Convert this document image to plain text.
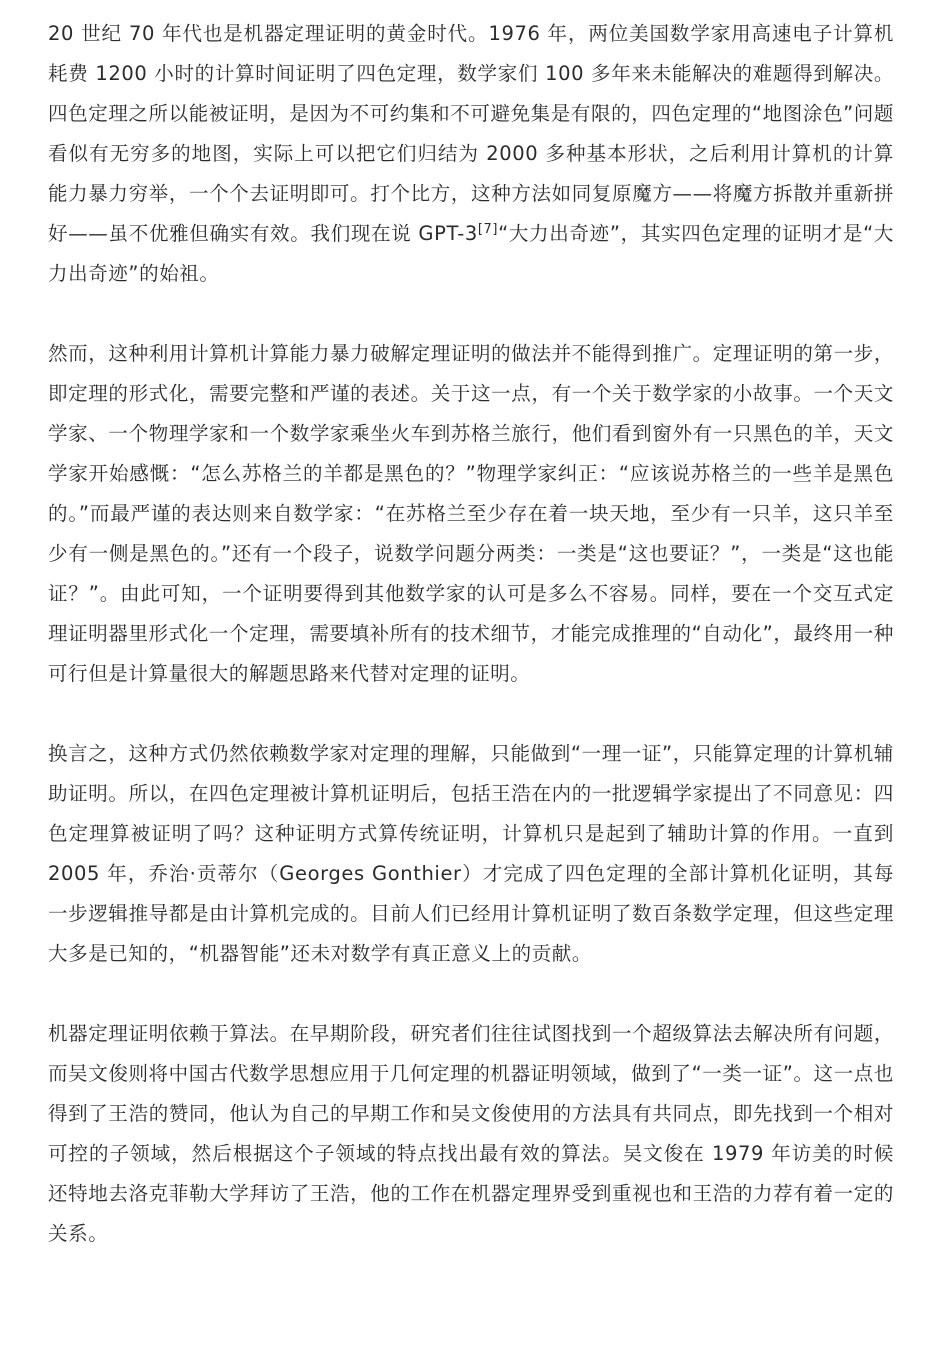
20 世纪 70 年代也是机器定理证明的黄金时代。1976 年，两位美国数学家用高速电子计算机耗费 1200 小时的计算时间证明了四色定理，数学家们 100 多年来未能解决的难题得到解决。四色定理之所以能被证明，是因为不可约集和不可避免集是有限的，四色定理的“地图涂色”问题看似有无穷多的地图，实际上可以把它们归结为 2000 多种基本形状，之后利用计算机的计算能力暴力穷举，一个个去证明即可。打个比方，这种方法如同复原魔方——将魔方拆散并重新拼好——虽不优雅但确实有效。我们现在说 GPT-3[7]“大力出奇迹”，其实四色定理的证明才是“大力出奇迹”的始祖。

然而，这种利用计算机计算能力暴力破解定理证明的做法并不能得到推广。定理证明的第一步，即定理的形式化，需要完整和严谨的表述。关于这一点，有一个关于数学家的小故事。一个天文学家、一个物理学家和一个数学家乘坐火车到苏格兰旅行，他们看到窗外有一只黑色的羊，天文学家开始感慨：“怎么苏格兰的羊都是黑色的？”物理学家纠正：“应该说苏格兰的一些羊是黑色的。”而最严谨的表达则来自数学家：“在苏格兰至少存在着一块天地，至少有一只羊，这只羊至少有一侧是黑色的。”还有一个段子，说数学问题分两类：一类是“这也要证？”，一类是“这也能证？”。由此可知，一个证明要得到其他数学家的认可是多么不容易。同样，要在一个交互式定理证明器里形式化一个定理，需要填补所有的技术细节，才能完成推理的“自动化”，最终用一种可行但是计算量很大的解题思路来代替对定理的证明。

换言之，这种方式仍然依赖数学家对定理的理解，只能做到“一理一证”，只能算定理的计算机辅助证明。所以，在四色定理被计算机证明后，包括王浩在内的一批逻辑学家提出了不同意见：四色定理算被证明了吗？这种证明方式算传统证明，计算机只是起到了辅助计算的作用。一直到 2005 年，乔治·贡蒂尔（Georges Gonthier）才完成了四色定理的全部计算机化证明，其每一步逻辑推导都是由计算机完成的。目前人们已经用计算机证明了数百条数学定理，但这些定理大多是已知的，“机器智能”还未对数学有真正意义上的贡献。

机器定理证明依赖于算法。在早期阶段，研究者们往往试图找到一个超级算法去解决所有问题，而吴文俊则将中国古代数学思想应用于几何定理的机器证明领域，做到了“一类一证”。这一点也得到了王浩的赞同，他认为自己的早期工作和吴文俊使用的方法具有共同点，即先找到一个相对可控的子领域，然后根据这个子领域的特点找出最有效的算法。吴文俊在 1979 年访美的时候还特地去洛克菲勒大学拜访了王浩，他的工作在机器定理界受到重视也和王浩的力荐有着一定的关系。
